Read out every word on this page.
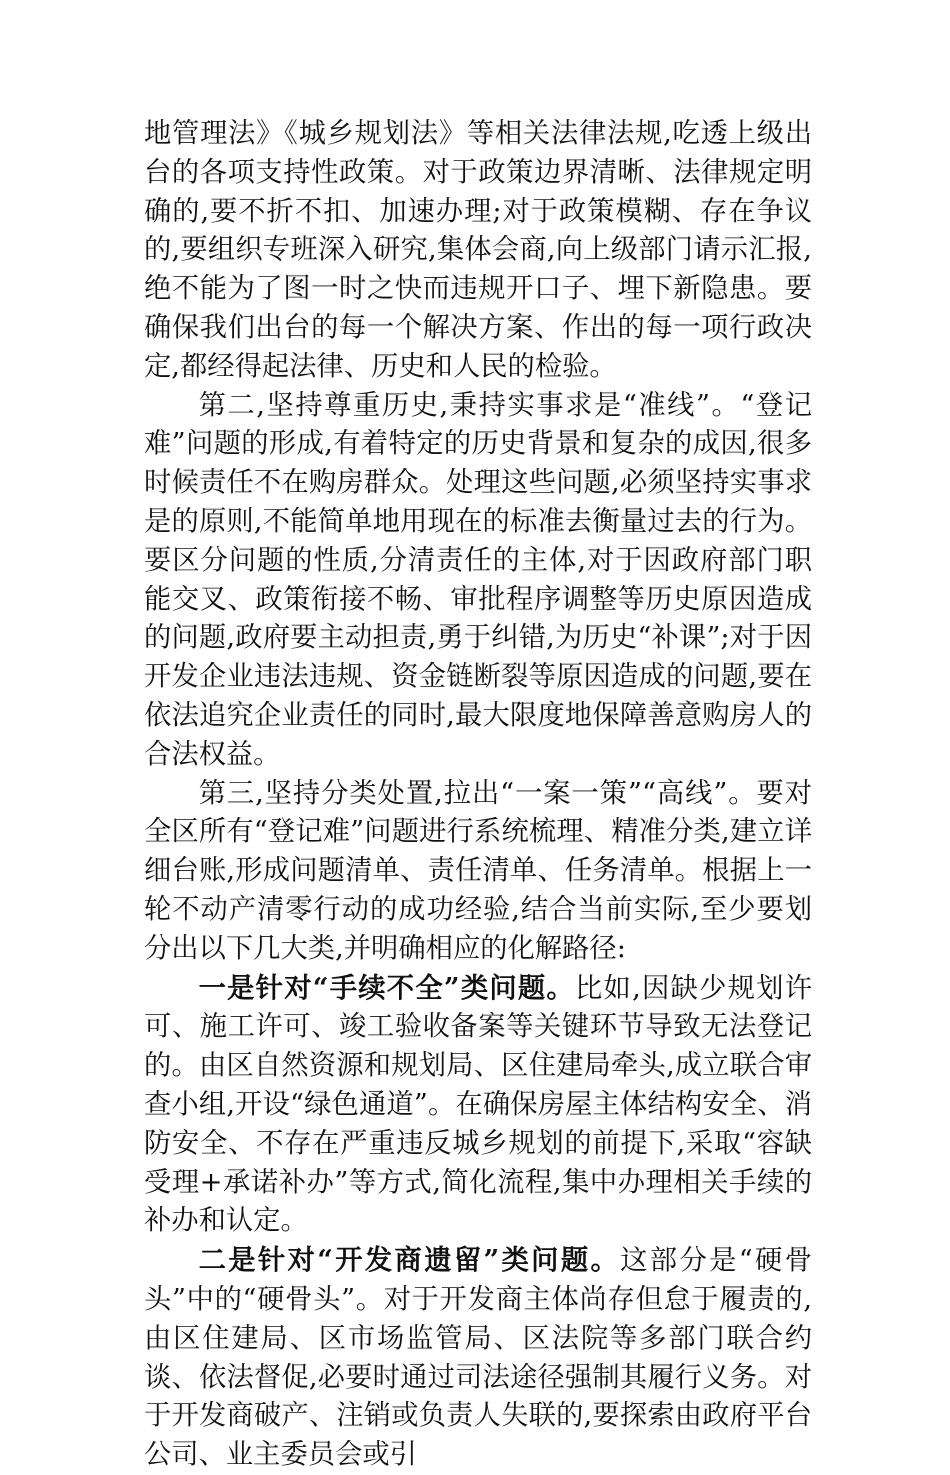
地管理法》《城乡规划法》等相关法律法规,吃透上级出台的各项支持性政策。对于政策边界清晰、法律规定明确的,要不折不扣、加速办理;对于政策模糊、存在争议的,要组织专班深入研究,集体会商,向上级部门请示汇报,绝不能为了图一时之快而违规开口子、埋下新隐患。要确保我们出台的每一个解决方案、作出的每一项行政决定,都经得起法律、历史和人民的检验。

第二,坚持尊重历史,秉持实事求是“准线”。“登记难”问题的形成,有着特定的历史背景和复杂的成因,很多时候责任不在购房群众。处理这些问题,必须坚持实事求是的原则,不能简单地用现在的标准去衡量过去的行为。要区分问题的性质,分清责任的主体,对于因政府部门职能交叉、政策衔接不畅、审批程序调整等历史原因造成的问题,政府要主动担责,勇于纠错,为历史“补课”;对于因开发企业违法违规、资金链断裂等原因造成的问题,要在依法追究企业责任的同时,最大限度地保障善意购房人的合法权益。

第三,坚持分类处置,拉出“一案一策”“高线”。要对全区所有“登记难”问题进行系统梳理、精准分类,建立详细台账,形成问题清单、责任清单、任务清单。根据上一轮不动产清零行动的成功经验,结合当前实际,至少要划分出以下几大类,并明确相应的化解路径:

一是针对“手续不全”类问题。比如,因缺少规划许可、施工许可、竣工验收备案等关键环节导致无法登记的。由区自然资源和规划局、区住建局牵头,成立联合审查小组,开设“绿色通道”。在确保房屋主体结构安全、消防安全、不存在严重违反城乡规划的前提下,采取“容缺受理+承诺补办”等方式,简化流程,集中办理相关手续的补办和认定。

二是针对“开发商遗留”类问题。这部分是“硬骨头”中的“硬骨头”。对于开发商主体尚存但怠于履责的,由区住建局、区市场监管局、区法院等多部门联合约谈、依法督促,必要时通过司法途径强制其履行义务。对于开发商破产、注销或负责人失联的,要探索由政府平台公司、业主委员会或引
